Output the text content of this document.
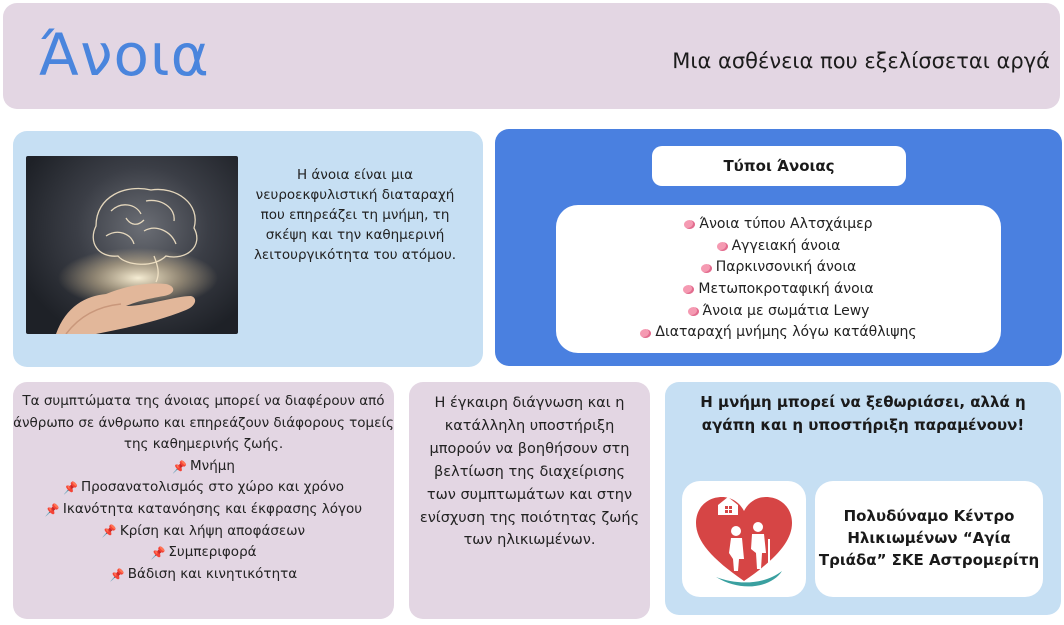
Άνοια	Μια ασθένεια που εξελίσσεται αργά
Η άνοια είναι μια νευροεκφυλιστική διαταραχή που επηρεάζει τη μνήμη, τη σκέψη και την καθημερινή λειτουργικότητα του ατόμου.
Τύποι Άνοιας
Άνοια τύπου Αλτσχάιμερ
Αγγειακή άνοια
Παρκινσονική άνοια
Μετωποκροταφική άνοια
Άνοια με σωμάτια Lewy
Διαταραχή μνήμης λόγω κατάθλιψης
Τα συμπτώματα της άνοιας μπορεί να διαφέρουν από άνθρωπο σε άνθρωπο και επηρεάζουν διάφορους τομείς της καθημερινής ζωής.
📌 Μνήμη
📌 Προσανατολισμός στο χώρο και χρόνο
📌 Ικανότητα κατανόησης και έκφρασης λόγου
📌 Κρίση και λήψη αποφάσεων
📌 Συμπεριφορά
📌 Βάδιση και κινητικότητα
Η έγκαιρη διάγνωση και η κατάλληλη υποστήριξη μπορούν να βοηθήσουν στη βελτίωση της διαχείρισης των συμπτωμάτων και στην ενίσχυση της ποιότητας ζωής των ηλικιωμένων.
Η μνήμη μπορεί να ξεθωριάσει, αλλά η αγάπη και η υποστήριξη παραμένουν!
Πολυδύναμο Κέντρο Ηλικιωμένων “Αγία Τριάδα” ΣΚΕ Αστρομερίτη
